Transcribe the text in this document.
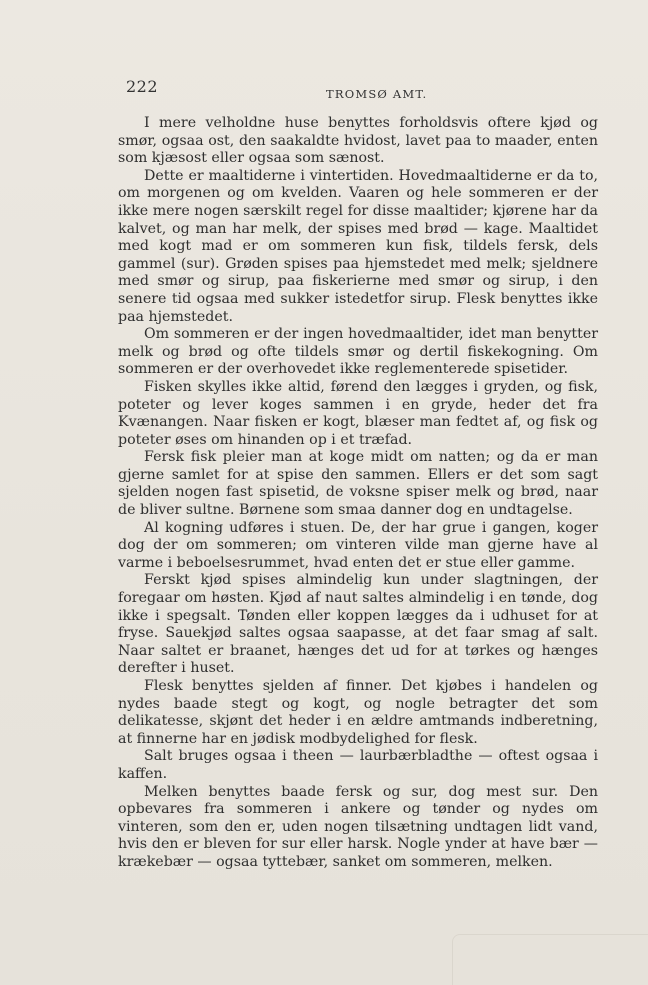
222	TROMSØ AMT.

I mere velholdne huse benyttes forholdsvis oftere kjød og smør, ogsaa ost, den saakaldte hvidost, lavet paa to maader, enten som kjæsost eller ogsaa som sænost.

Dette er maaltiderne i vintertiden. Hovedmaaltiderne er da to, om morgenen og om kvelden. Vaaren og hele sommeren er der ikke mere nogen særskilt regel for disse maaltider; kjørene har da kalvet, og man har melk, der spises med brød — kage. Maaltidet med kogt mad er om sommeren kun fisk, tildels fersk, dels gammel (sur). Grøden spises paa hjemstedet med melk; sjeldnere med smør og sirup, paa fiskerierne med smør og sirup, i den senere tid ogsaa med sukker istedetfor sirup. Flesk benyttes ikke paa hjemstedet.

Om sommeren er der ingen hovedmaaltider, idet man benytter melk og brød og ofte tildels smør og dertil fiskekogning. Om sommeren er der overhovedet ikke reglementerede spisetider.

Fisken skylles ikke altid, førend den lægges i gryden, og fisk, poteter og lever koges sammen i en gryde, heder det fra Kvænangen. Naar fisken er kogt, blæser man fedtet af, og fisk og poteter øses om hinanden op i et træfad.

Fersk fisk pleier man at koge midt om natten; og da er man gjerne samlet for at spise den sammen. Ellers er det som sagt sjelden nogen fast spisetid, de voksne spiser melk og brød, naar de bliver sultne. Børnene som smaa danner dog en undtagelse.

Al kogning udføres i stuen. De, der har grue i gangen, koger dog der om sommeren; om vinteren vilde man gjerne have al varme i beboelsesrummet, hvad enten det er stue eller gamme.

Ferskt kjød spises almindelig kun under slagtningen, der foregaar om høsten. Kjød af naut saltes almindelig i en tønde, dog ikke i spegsalt. Tønden eller koppen lægges da i udhuset for at fryse. Sauekjød saltes ogsaa saapasse, at det faar smag af salt. Naar saltet er braanet, hænges det ud for at tørkes og hænges derefter i huset.

Flesk benyttes sjelden af finner. Det kjøbes i handelen og nydes baade stegt og kogt, og nogle betragter det som delikatesse, skjønt det heder i en ældre amtmands indberetning, at finnerne har en jødisk modbydelighed for flesk.

Salt bruges ogsaa i theen — laurbærbladthe — oftest ogsaa i kaffen.

Melken benyttes baade fersk og sur, dog mest sur. Den opbevares fra sommeren i ankere og tønder og nydes om vinteren, som den er, uden nogen tilsætning undtagen lidt vand, hvis den er bleven for sur eller harsk. Nogle ynder at have bær — krækebær — ogsaa tyttebær, sanket om sommeren, melken.
